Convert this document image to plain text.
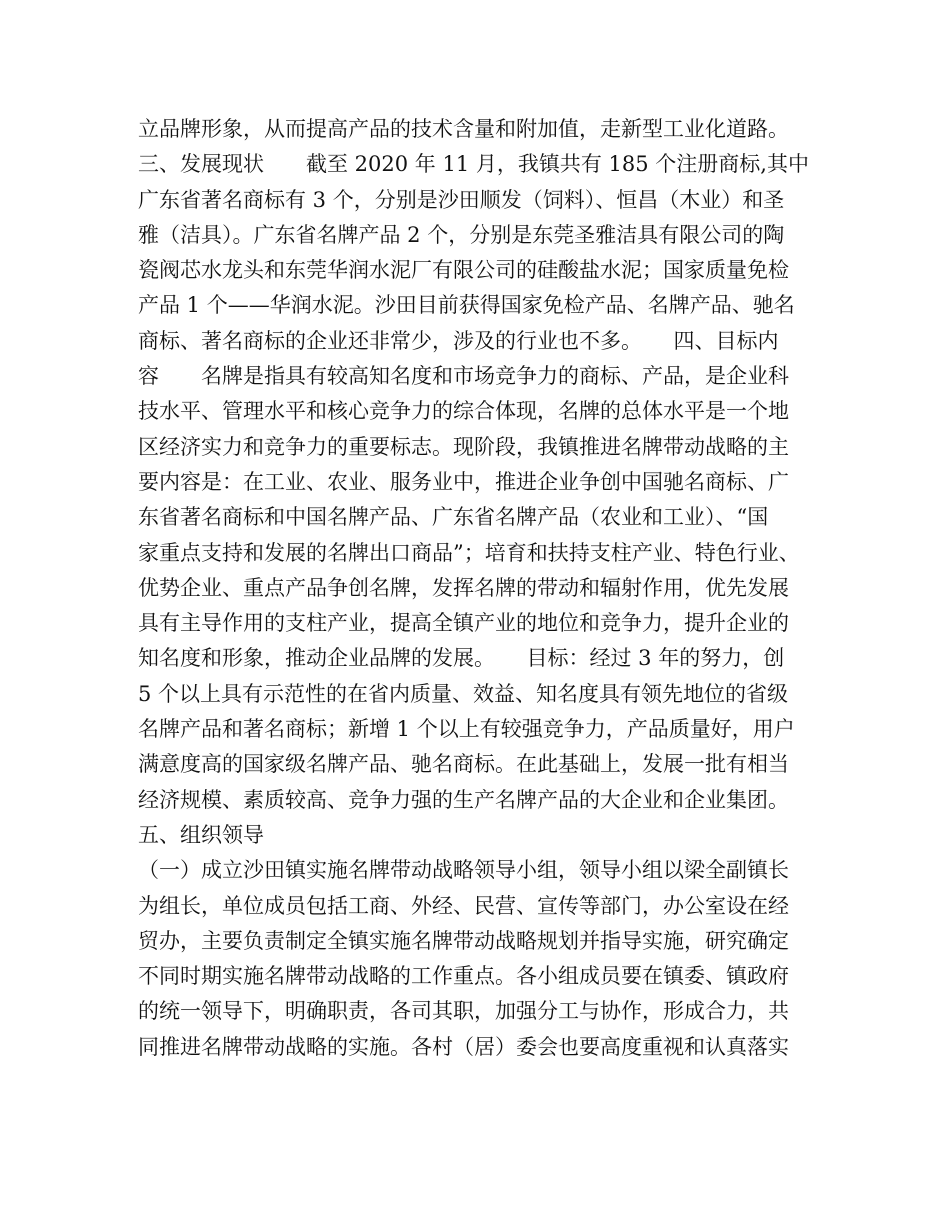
立品牌形象，从而提高产品的技术含量和附加值，走新型工业化道路。
三、发展现状　　截至 2020 年 11 月，我镇共有 185 个注册商标,其中
广东省著名商标有 3 个，分别是沙田顺发（饲料）、恒昌（木业）和圣
雅（洁具）。广东省名牌产品 2 个，分别是东莞圣雅洁具有限公司的陶
瓷阀芯水龙头和东莞华润水泥厂有限公司的硅酸盐水泥；国家质量免检
产品 1 个——华润水泥。沙田目前获得国家免检产品、名牌产品、驰名
商标、著名商标的企业还非常少，涉及的行业也不多。　　四、目标内
容　　名牌是指具有较高知名度和市场竞争力的商标、产品，是企业科
技水平、管理水平和核心竞争力的综合体现，名牌的总体水平是一个地
区经济实力和竞争力的重要标志。现阶段，我镇推进名牌带动战略的主
要内容是：在工业、农业、服务业中，推进企业争创中国驰名商标、广
东省著名商标和中国名牌产品、广东省名牌产品（农业和工业）、“国
家重点支持和发展的名牌出口商品”；培育和扶持支柱产业、特色行业、
优势企业、重点产品争创名牌，发挥名牌的带动和辐射作用，优先发展
具有主导作用的支柱产业，提高全镇产业的地位和竞争力，提升企业的
知名度和形象，推动企业品牌的发展。　　目标：经过 3 年的努力，创
5 个以上具有示范性的在省内质量、效益、知名度具有领先地位的省级
名牌产品和著名商标；新增 1 个以上有较强竞争力，产品质量好，用户
满意度高的国家级名牌产品、驰名商标。在此基础上，发展一批有相当
经济规模、素质较高、竞争力强的生产名牌产品的大企业和企业集团。
五、组织领导
（一）成立沙田镇实施名牌带动战略领导小组，领导小组以梁全副镇长
为组长，单位成员包括工商、外经、民营、宣传等部门，办公室设在经
贸办，主要负责制定全镇实施名牌带动战略规划并指导实施，研究确定
不同时期实施名牌带动战略的工作重点。各小组成员要在镇委、镇政府
的统一领导下，明确职责，各司其职，加强分工与协作，形成合力，共
同推进名牌带动战略的实施。各村（居）委会也要高度重视和认真落实
